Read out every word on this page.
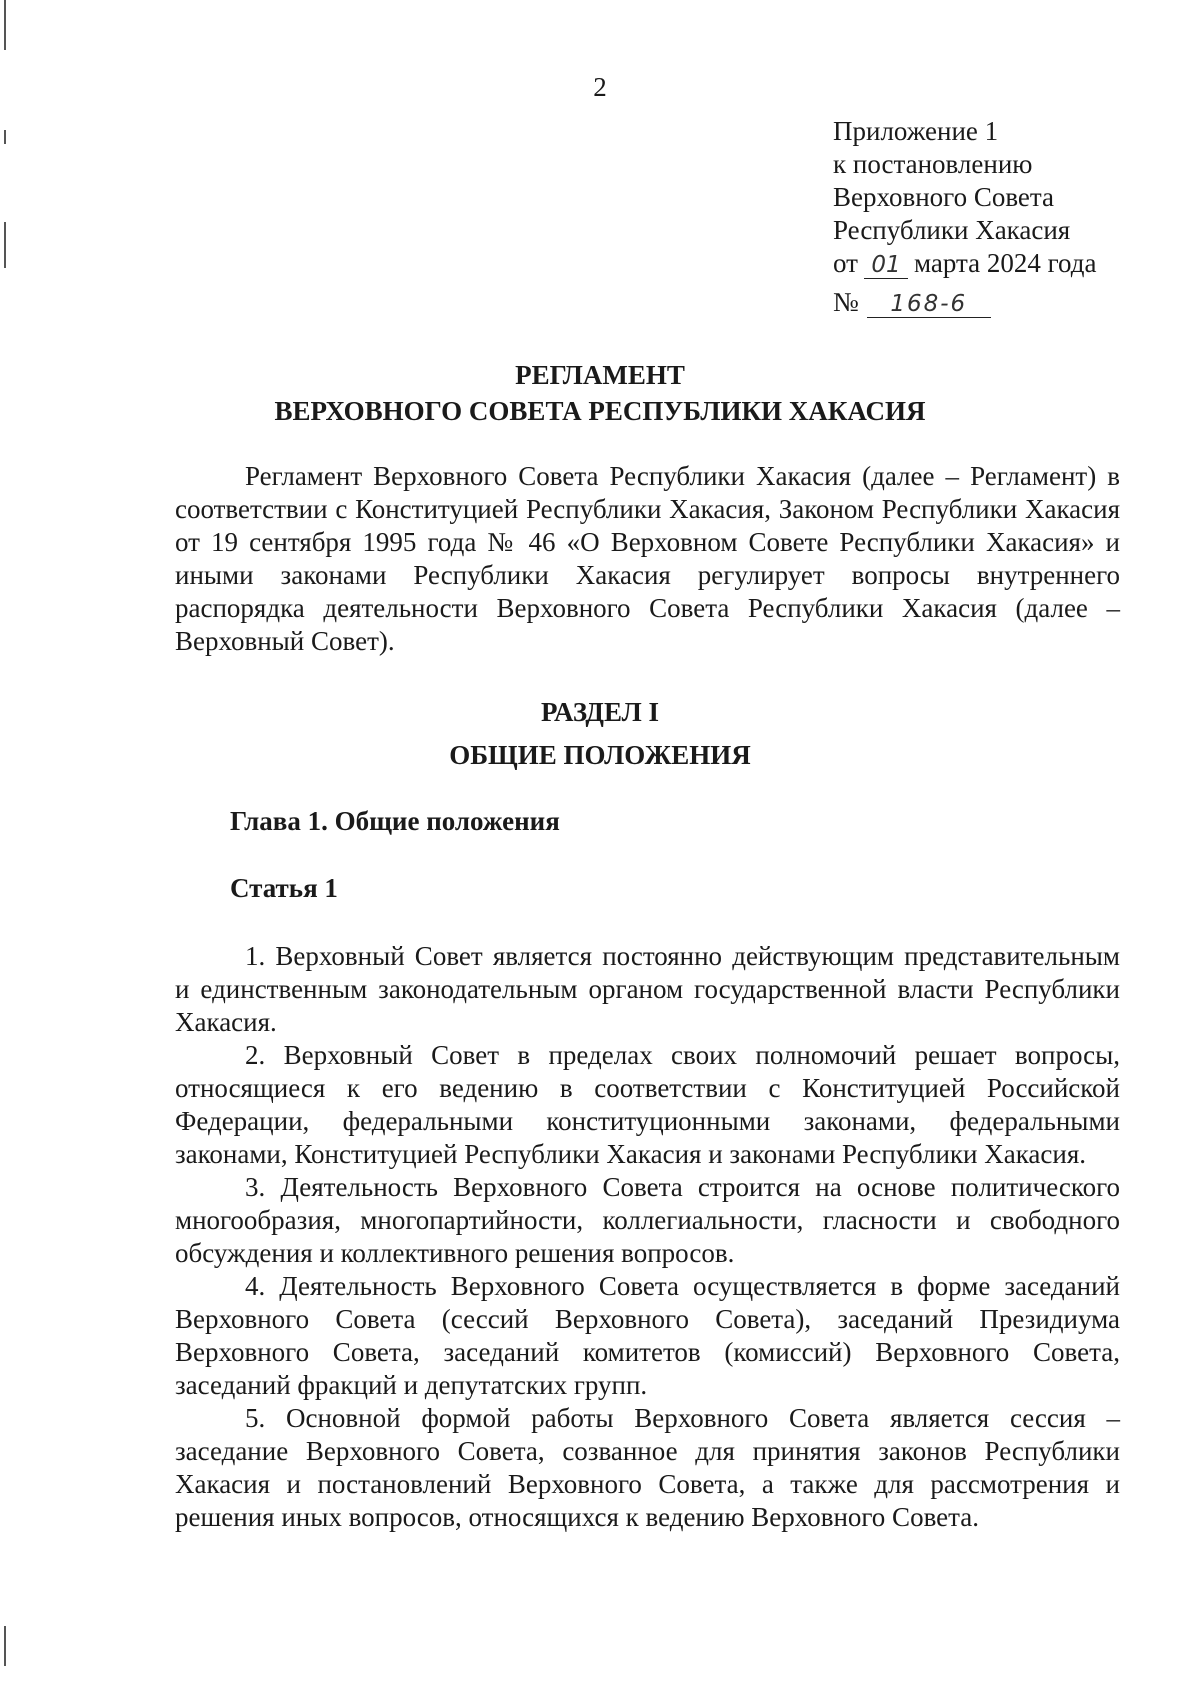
2
Приложение 1
к постановлению
Верховного Совета
Республики Хакасия
от 01 марта 2024 года
№ 168-6
РЕГЛАМЕНТ
ВЕРХОВНОГО СОВЕТА РЕСПУБЛИКИ ХАКАСИЯ
Регламент Верховного Совета Республики Хакасия (далее – Регламент) в соответствии с Конституцией Республики Хакасия, Законом Республики Хакасия от 19 сентября 1995 года № 46 «О Верховном Совете Республики Хакасия» и иными законами Республики Хакасия регулирует вопросы внутреннего распорядка деятельности Верховного Совета Республики Хакасия (далее – Верховный Совет).
РАЗДЕЛ I
ОБЩИЕ ПОЛОЖЕНИЯ
Глава 1. Общие положения
Статья 1
1. Верховный Совет является постоянно действующим представительным и единственным законодательным органом государственной власти Республики Хакасия.
2. Верховный Совет в пределах своих полномочий решает вопросы, относящиеся к его ведению в соответствии с Конституцией Российской Федерации, федеральными конституционными законами, федеральными законами, Конституцией Республики Хакасия и законами Республики Хакасия.
3. Деятельность Верховного Совета строится на основе политического многообразия, многопартийности, коллегиальности, гласности и свободного обсуждения и коллективного решения вопросов.
4. Деятельность Верховного Совета осуществляется в форме заседаний Верховного Совета (сессий Верховного Совета), заседаний Президиума Верховного Совета, заседаний комитетов (комиссий) Верховного Совета, заседаний фракций и депутатских групп.
5. Основной формой работы Верховного Совета является сессия – заседание Верховного Совета, созванное для принятия законов Республики Хакасия и постановлений Верховного Совета, а также для рассмотрения и решения иных вопросов, относящихся к ведению Верховного Совета.
